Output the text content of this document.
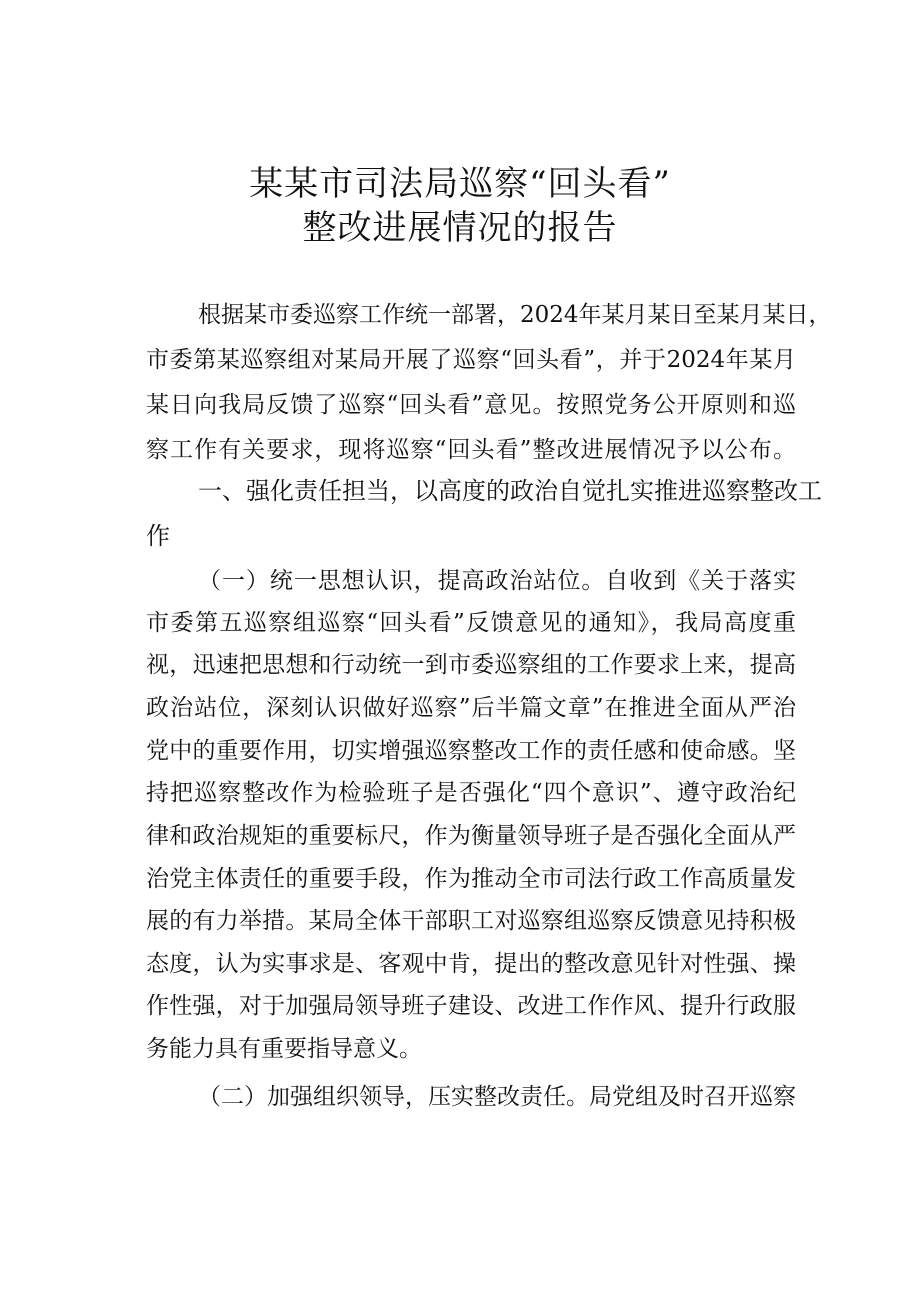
某某市司法局巡察“回头看”
整改进展情况的报告
根据某市委巡察工作统一部署，2024年某月某日至某月某日，
市委第某巡察组对某局开展了巡察“回头看”，并于2024年某月
某日向我局反馈了巡察“回头看”意见。按照党务公开原则和巡
察工作有关要求，现将巡察“回头看”整改进展情况予以公布。
一、强化责任担当，以高度的政治自觉扎实推进巡察整改工
作
（一）统一思想认识，提高政治站位。自收到《关于落实
市委第五巡察组巡察“回头看”反馈意见的通知》，我局高度重
视，迅速把思想和行动统一到市委巡察组的工作要求上来，提高
政治站位，深刻认识做好巡察”后半篇文章”在推进全面从严治
党中的重要作用，切实增强巡察整改工作的责任感和使命感。坚
持把巡察整改作为检验班子是否强化“四个意识”、遵守政治纪
律和政治规矩的重要标尺，作为衡量领导班子是否强化全面从严
治党主体责任的重要手段，作为推动全市司法行政工作高质量发
展的有力举措。某局全体干部职工对巡察组巡察反馈意见持积极
态度，认为实事求是、客观中肯，提出的整改意见针对性强、操
作性强，对于加强局领导班子建设、改进工作作风、提升行政服
务能力具有重要指导意义。
（二）加强组织领导，压实整改责任。局党组及时召开巡察
